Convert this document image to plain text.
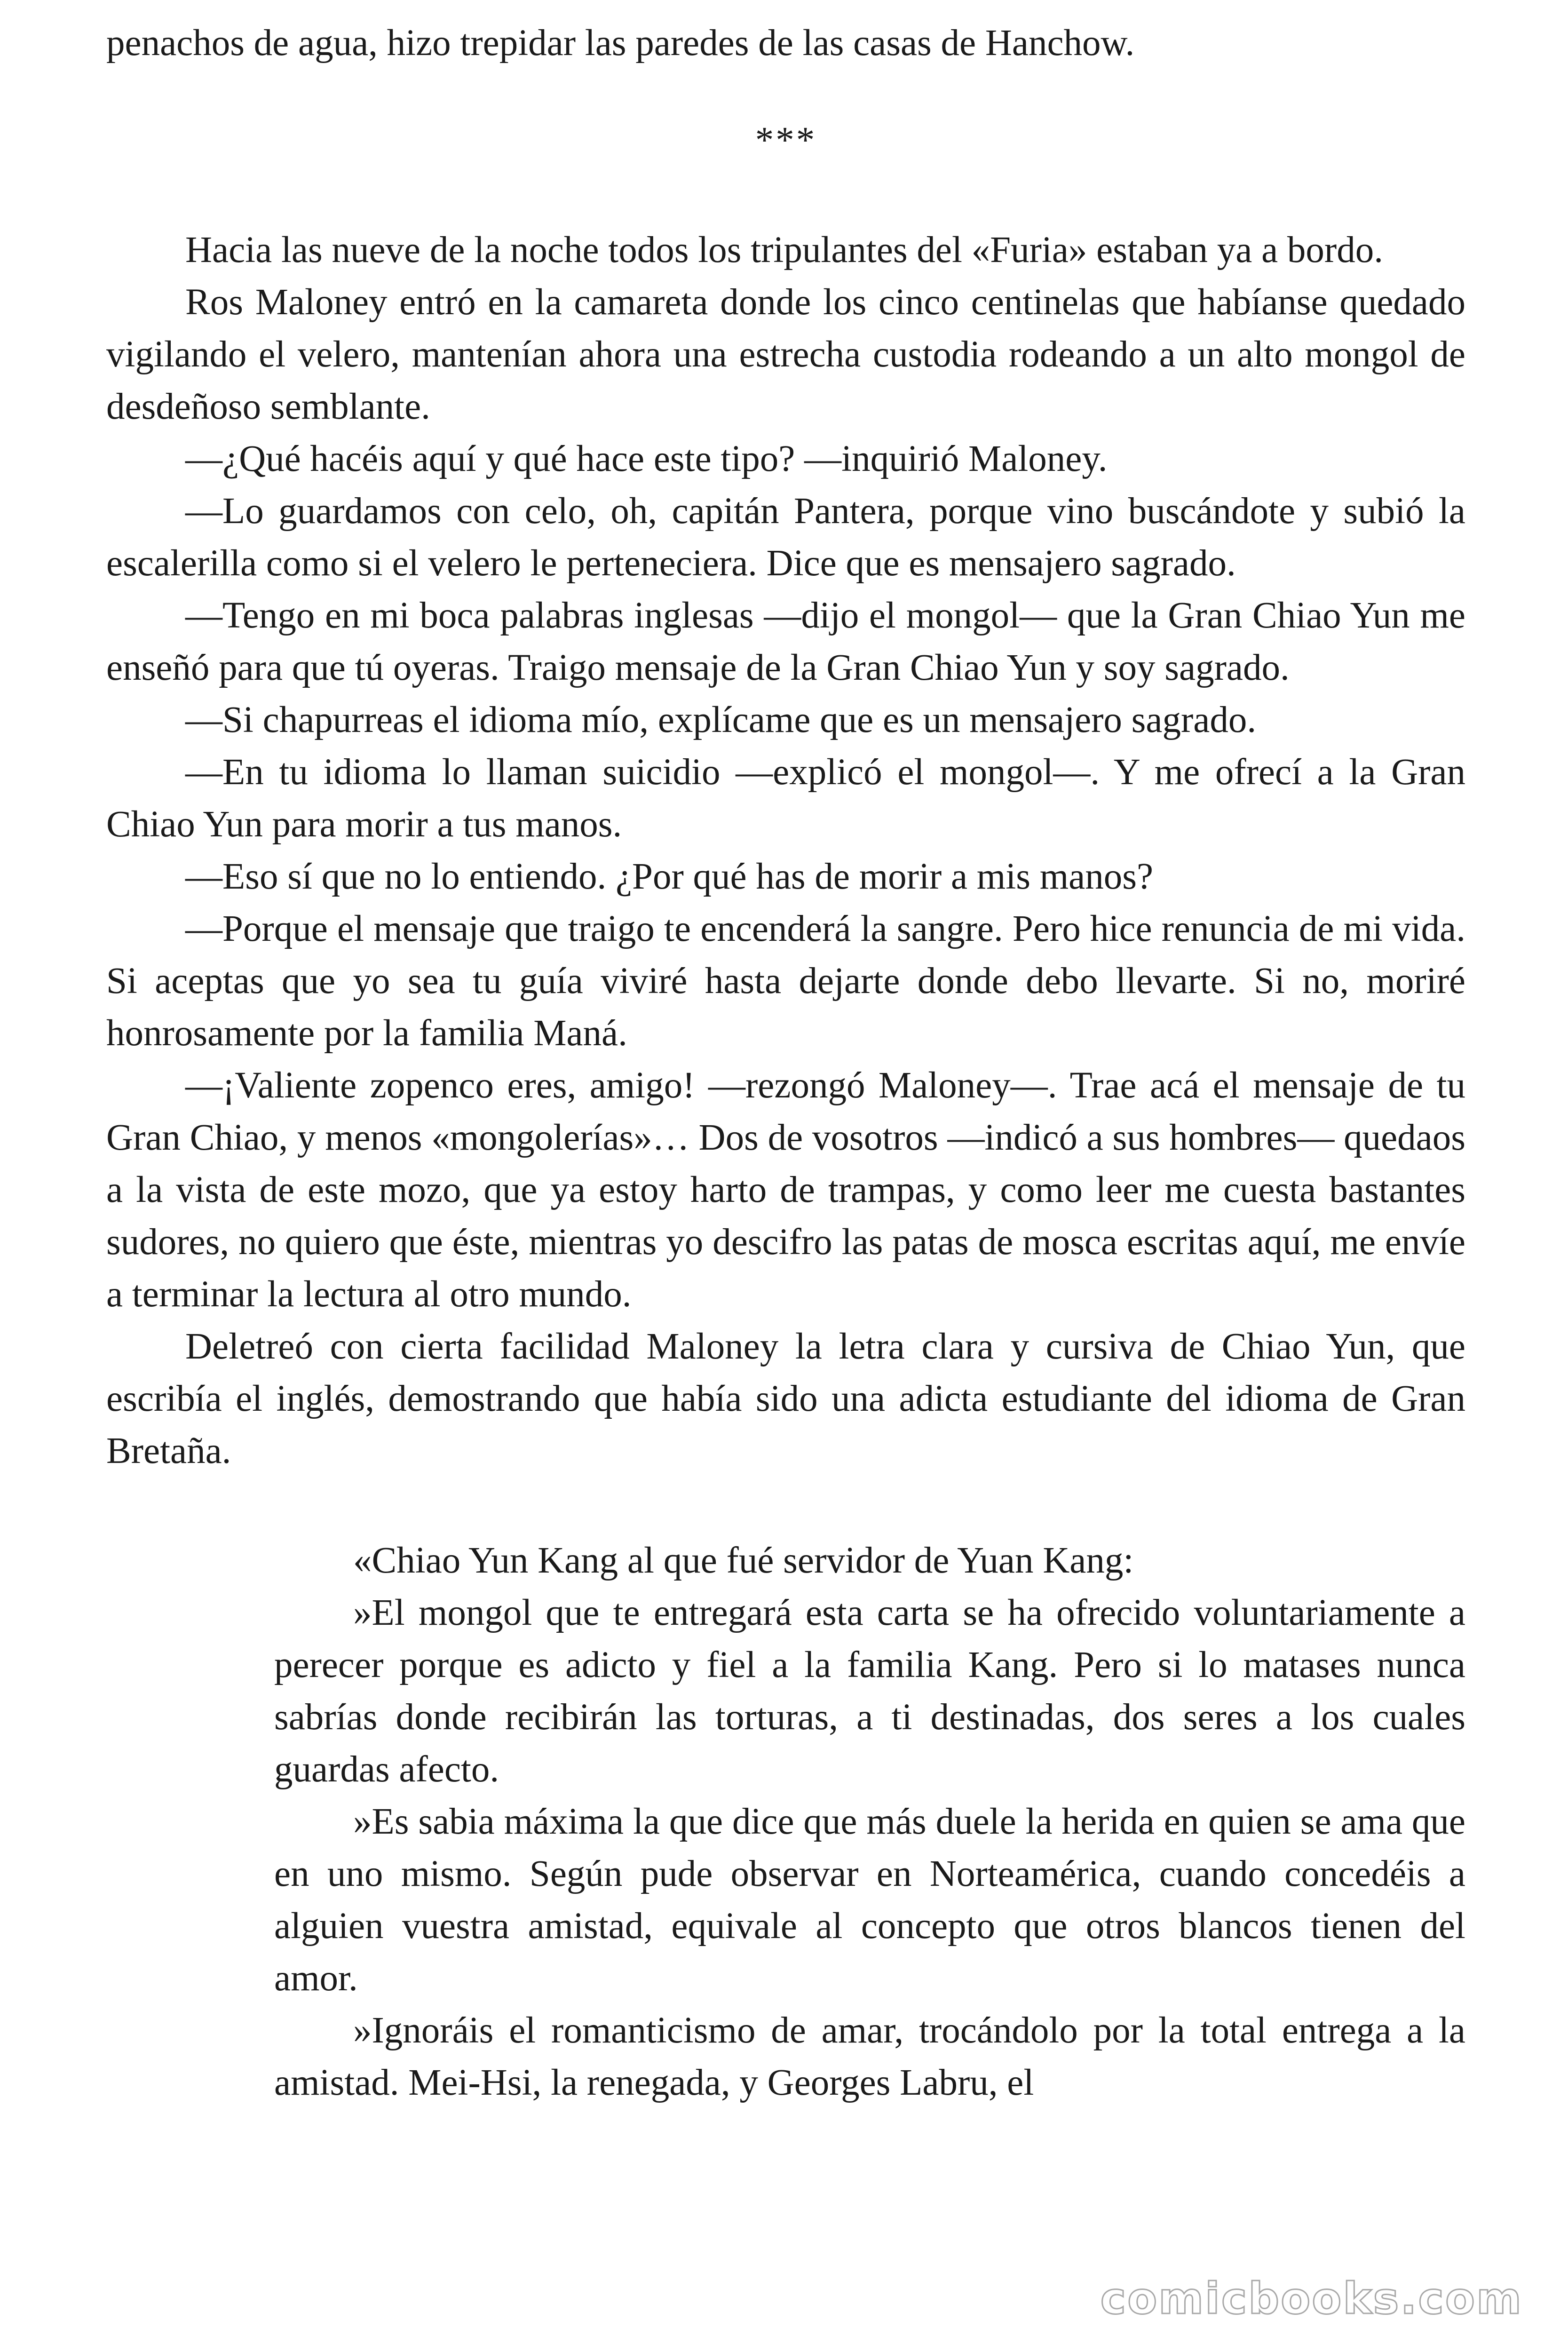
penachos de agua, hizo trepidar las paredes de las casas de Hanchow.

***

Hacia las nueve de la noche todos los tripulantes del «Furia» estaban ya a bordo.

Ros Maloney entró en la camareta donde los cinco centinelas que habíanse quedado vigilando el velero, mantenían ahora una estrecha custodia rodeando a un alto mongol de desdeñoso semblante.

—¿Qué hacéis aquí y qué hace este tipo? —inquirió Maloney.

—Lo guardamos con celo, oh, capitán Pantera, porque vino buscándote y subió la escalerilla como si el velero le perteneciera. Dice que es mensajero sagrado.

—Tengo en mi boca palabras inglesas —dijo el mongol— que la Gran Chiao Yun me enseñó para que tú oyeras. Traigo mensaje de la Gran Chiao Yun y soy sagrado.

—Si chapurreas el idioma mío, explícame que es un mensajero sagrado.

—En tu idioma lo llaman suicidio —explicó el mongol—. Y me ofrecí a la Gran Chiao Yun para morir a tus manos.

—Eso sí que no lo entiendo. ¿Por qué has de morir a mis manos?

—Porque el mensaje que traigo te encenderá la sangre. Pero hice renuncia de mi vida. Si aceptas que yo sea tu guía viviré hasta dejarte donde debo llevarte. Si no, moriré honrosamente por la familia Maná.

—¡Valiente zopenco eres, amigo! —rezongó Maloney—. Trae acá el mensaje de tu Gran Chiao, y menos «mongolerías»… Dos de vosotros —indicó a sus hombres— quedaos a la vista de este mozo, que ya estoy harto de trampas, y como leer me cuesta bastantes sudores, no quiero que éste, mientras yo descifro las patas de mosca escritas aquí, me envíe a terminar la lectura al otro mundo.

Deletreó con cierta facilidad Maloney la letra clara y cursiva de Chiao Yun, que escribía el inglés, demostrando que había sido una adicta estudiante del idioma de Gran Bretaña.

«Chiao Yun Kang al que fué servidor de Yuan Kang:

»El mongol que te entregará esta carta se ha ofrecido voluntariamente a perecer porque es adicto y fiel a la familia Kang. Pero si lo matases nunca sabrías donde recibirán las torturas, a ti destinadas, dos seres a los cuales guardas afecto.

»Es sabia máxima la que dice que más duele la herida en quien se ama que en uno mismo. Según pude observar en Norteamérica, cuando concedéis a alguien vuestra amistad, equivale al concepto que otros blancos tienen del amor.

»Ignoráis el romanticismo de amar, trocándolo por la total entrega a la amistad. Mei-Hsi, la renegada, y Georges Labru, el

comicbooks.com
